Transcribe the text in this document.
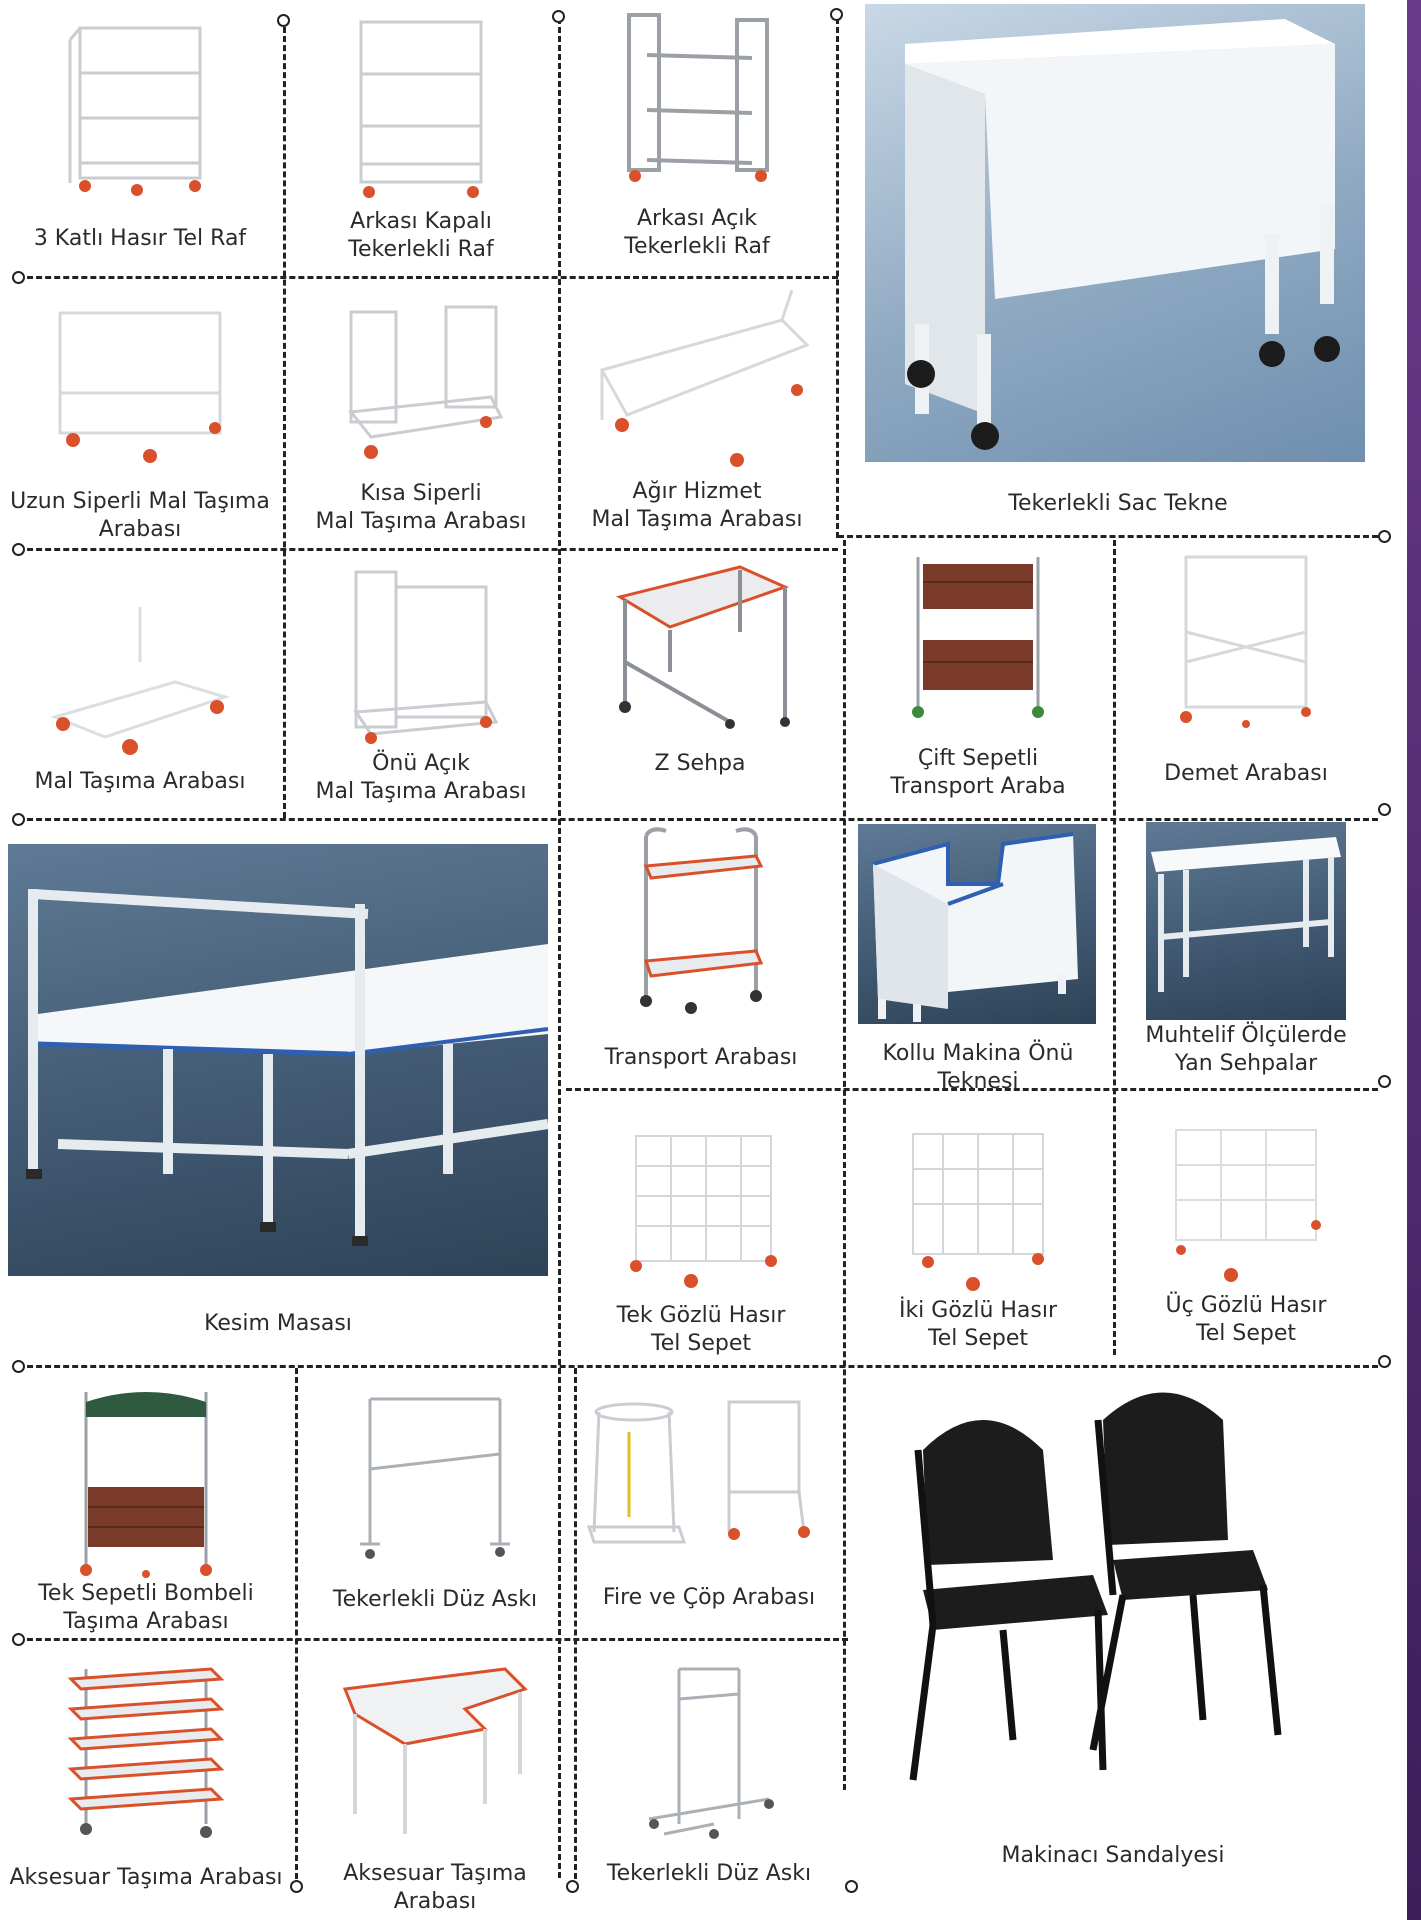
3 Katlı Hasır Tel Raf
Arkası Kapalı
Tekerlekli Raf
Arkası Açık
Tekerlekli Raf
Tekerlekli Sac Tekne
Uzun Siperli Mal Taşıma
Arabası
Kısa Siperli
Mal Taşıma Arabası
Ağır Hizmet
Mal Taşıma Arabası
Mal Taşıma Arabası
Önü Açık
Mal Taşıma Arabası
Z Sehpa	Çift Sepetli
Transport Araba
Demet Arabası
Kesim Masası
Transport Arabası	Kollu Makina Önü Teknesi
Muhtelif Ölçülerde
Yan Sehpalar
Tek Gözlü Hasır
Tel Sepet
İki Gözlü Hasır
Tel Sepet
Üç Gözlü Hasır
Tel Sepet
Tek Sepetli Bombeli
Taşıma Arabası
Tekerlekli Düz Askı	Fire ve Çöp Arabası
Makinacı Sandalyesi
Aksesuar Taşıma Arabası	Aksesuar Taşıma Arabası
Tekerlekli Düz Askı
